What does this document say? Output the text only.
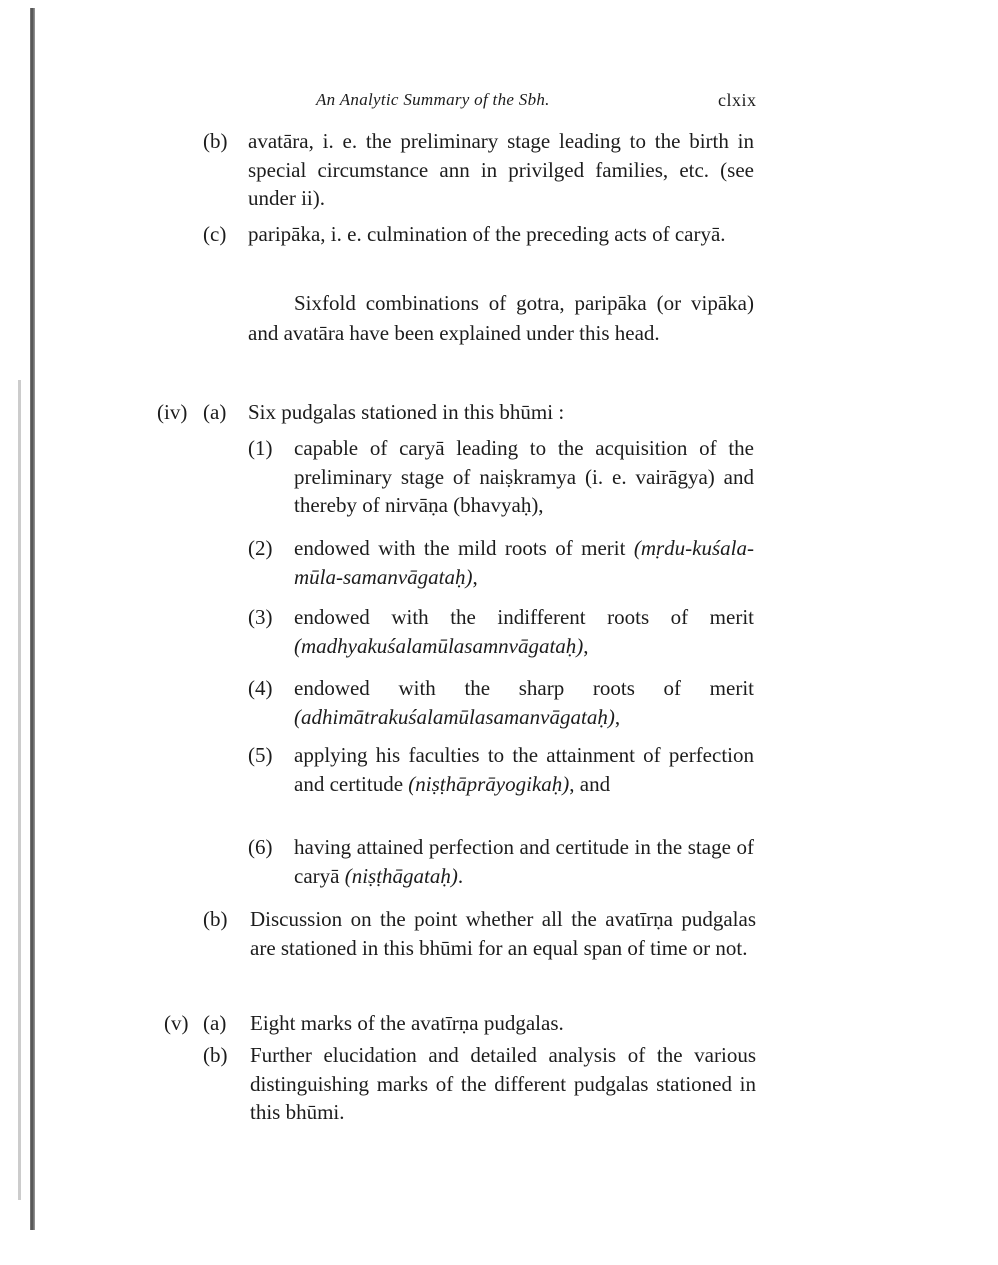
An Analytic Summary of the Sbh.	clxix
(b) avatāra, i. e. the preliminary stage leading to the birth in special circumstance ann in privilged families, etc. (see under ii).
(c) paripāka, i. e. culmination of the preceding acts of caryā.
Sixfold combinations of gotra, paripāka (or vipāka) and avatāra have been explained under this head.
(iv) (a) Six pudgalas stationed in this bhūmi :
(1) capable of caryā leading to the acquisition of the preliminary stage of naiṣkramya (i. e. vairāgya) and thereby of nirvāṇa (bhavyaḥ),
(2) endowed with the mild roots of merit (mṛdu-kuśala-mūla-samanvāgataḥ),
(3) endowed with the indifferent roots of merit (madhyakuśalamūlasamnvāgataḥ),
(4) endowed with the sharp roots of merit (adhimātrakuśalamūlasamanvāgataḥ),
(5) applying his faculties to the attainment of perfection and certitude (niṣṭhāprāyogikaḥ), and
(6) having attained perfection and certitude in the stage of caryā (niṣṭhāgataḥ).
(b) Discussion on the point whether all the avatīrṇa pudgalas are stationed in this bhūmi for an equal span of time or not.
(v) (a) Eight marks of the avatīrṇa pudgalas.
(b) Further elucidation and detailed analysis of the various distinguishing marks of the different pudgalas stationed in this bhūmi.
